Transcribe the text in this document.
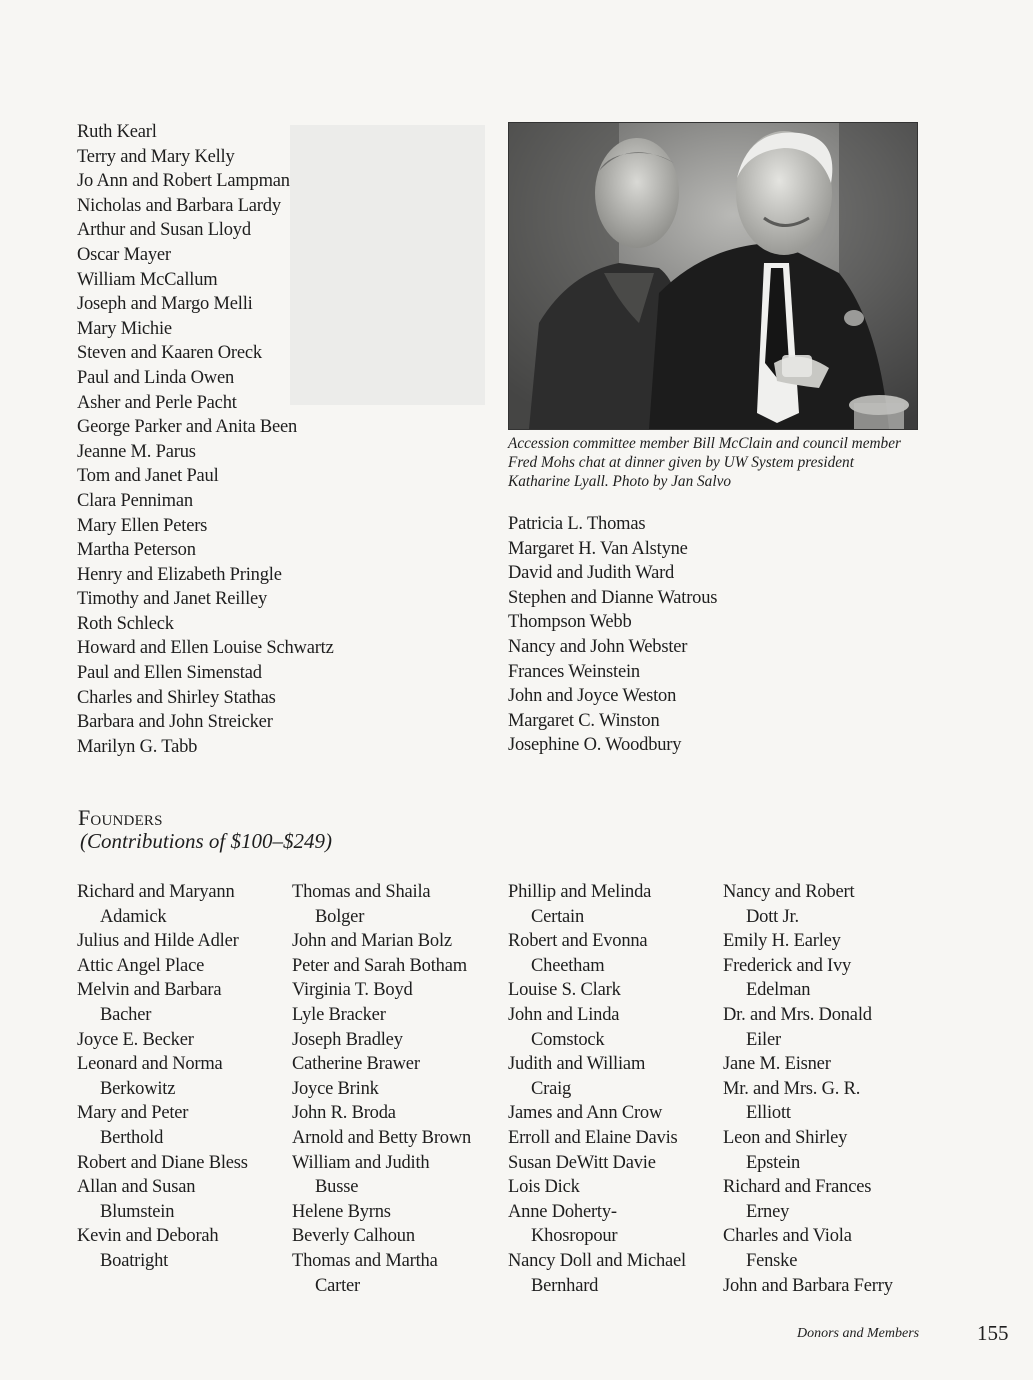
Ruth Kearl
Terry and Mary Kelly
Jo Ann and Robert Lampman
Nicholas and Barbara Lardy
Arthur and Susan Lloyd
Oscar Mayer
William McCallum
Joseph and Margo Melli
Mary Michie
Steven and Kaaren Oreck
Paul and Linda Owen
Asher and Perle Pacht
George Parker and Anita Been
Jeanne M. Parus
Tom and Janet Paul
Clara Penniman
Mary Ellen Peters
Martha Peterson
Henry and Elizabeth Pringle
Timothy and Janet Reilley
Roth Schleck
Howard and Ellen Louise Schwartz
Paul and Ellen Simenstad
Charles and Shirley Stathas
Barbara and John Streicker
Marilyn G. Tabb
Accession committee member Bill McClain and council member Fred Mohs chat at dinner given by UW System president Katharine Lyall. Photo by Jan Salvo
Patricia L. Thomas
Margaret H. Van Alstyne
David and Judith Ward
Stephen and Dianne Watrous
Thompson Webb
Nancy and John Webster
Frances Weinstein
John and Joyce Weston
Margaret C. Winston
Josephine O. Woodbury
Founders
(Contributions of $100–$249)
Richard and Maryann
Adamick
Julius and Hilde Adler
Attic Angel Place
Melvin and Barbara
Bacher
Joyce E. Becker
Leonard and Norma
Berkowitz
Mary and Peter
Berthold
Robert and Diane Bless
Allan and Susan
Blumstein
Kevin and Deborah
Boatright
Thomas and Shaila
Bolger
John and Marian Bolz
Peter and Sarah Botham
Virginia T. Boyd
Lyle Bracker
Joseph Bradley
Catherine Brawer
Joyce Brink
John R. Broda
Arnold and Betty Brown
William and Judith
Busse
Helene Byrns
Beverly Calhoun
Thomas and Martha
Carter
Phillip and Melinda
Certain
Robert and Evonna
Cheetham
Louise S. Clark
John and Linda
Comstock
Judith and William
Craig
James and Ann Crow
Erroll and Elaine Davis
Susan DeWitt Davie
Lois Dick
Anne Doherty-
Khosropour
Nancy Doll and Michael
Bernhard
Nancy and Robert
Dott Jr.
Emily H. Earley
Frederick and Ivy
Edelman
Dr. and Mrs. Donald
Eiler
Jane M. Eisner
Mr. and Mrs. G. R.
Elliott
Leon and Shirley
Epstein
Richard and Frances
Erney
Charles and Viola
Fenske
John and Barbara Ferry
Donors and Members	155
